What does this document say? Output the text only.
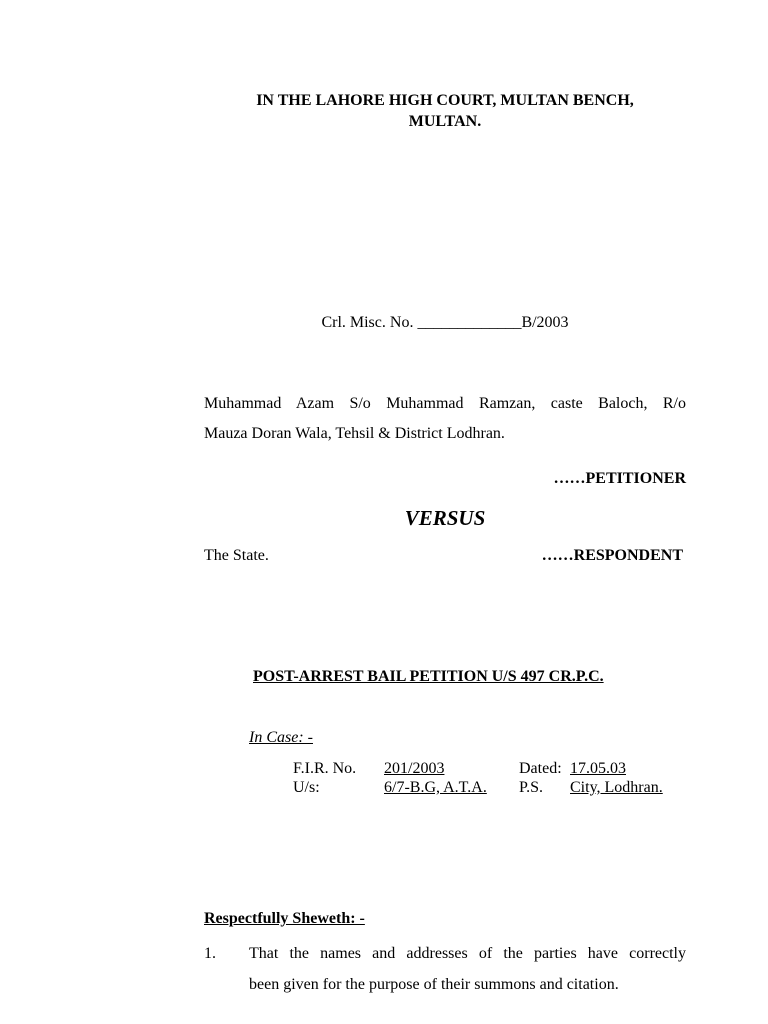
IN THE LAHORE HIGH COURT, MULTAN BENCH,
MULTAN.
Crl. Misc. No. _____________B/2003
Muhammad Azam S/o Muhammad Ramzan, caste Baloch, R/o
Mauza Doran Wala, Tehsil & District Lodhran.
……PETITIONER
VERSUS
The State.	……RESPONDENT
POST-ARREST BAIL PETITION U/S 497 CR.P.C.
In Case: -
F.I.R. No. 201/2003	Dated: 17.05.03
U/s:	6/7-B.G, A.T.A. P.S. City, Lodhran.
Respectfully Sheweth: -
1. That the names and addresses of the parties have correctly
been given for the purpose of their summons and citation.
